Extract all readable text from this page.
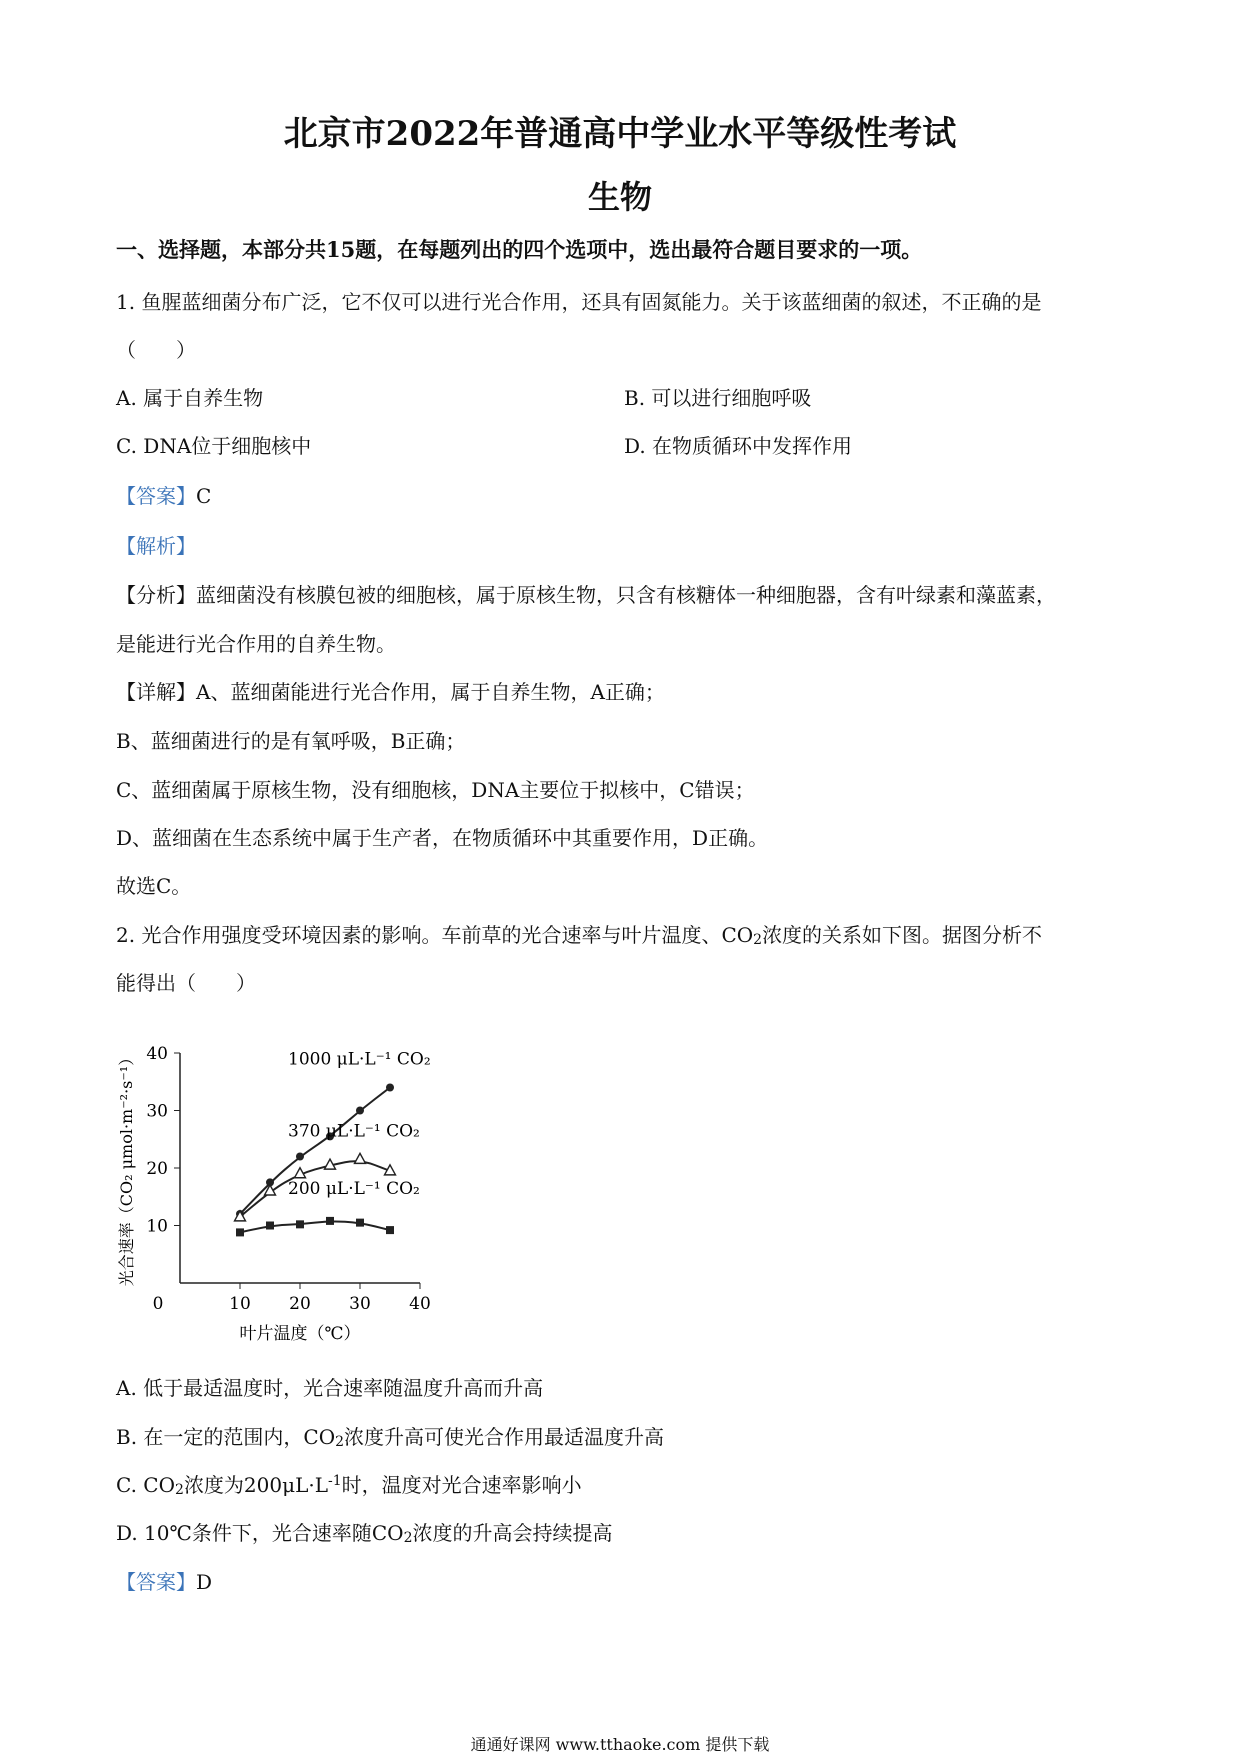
北京市2022年普通高中学业水平等级性考试
生物
一、选择题，本部分共15题，在每题列出的四个选项中，选出最符合题目要求的一项。
1. 鱼腥蓝细菌分布广泛，它不仅可以进行光合作用，还具有固氮能力。关于该蓝细菌的叙述，不正确的是
（　　）
A. 属于自养生物	B. 可以进行细胞呼吸
C. DNA位于细胞核中	D. 在物质循环中发挥作用
【答案】C
【解析】
【分析】蓝细菌没有核膜包被的细胞核，属于原核生物，只含有核糖体一种细胞器，含有叶绿素和藻蓝素，
是能进行光合作用的自养生物。
【详解】A、蓝细菌能进行光合作用，属于自养生物，A正确；
B、蓝细菌进行的是有氧呼吸，B正确；
C、蓝细菌属于原核生物，没有细胞核，DNA主要位于拟核中，C错误；
D、蓝细菌在生态系统中属于生产者，在物质循环中其重要作用，D正确。
故选C。
2. 光合作用强度受环境因素的影响。车前草的光合速率与叶片温度、CO2浓度的关系如下图。据图分析不
能得出（　　）
0	10 20 30 40
10
20
30
40
叶片温度（℃）
光合速率（CO₂ μmol·m⁻²·s⁻¹）	1000 μL·L⁻¹ CO₂
370 μL·L⁻¹ CO₂
200 μL·L⁻¹ CO₂
A. 低于最适温度时，光合速率随温度升高而升高
B. 在一定的范围内，CO2浓度升高可使光合作用最适温度升高
C. CO2浓度为$200\mu L\cdot L^{-1}$时，温度对光合速率影响小
D. 10℃条件下，光合速率随CO2浓度的升高会持续提高
【答案】D
通通好课网 www.tthaoke.com 提供下载
